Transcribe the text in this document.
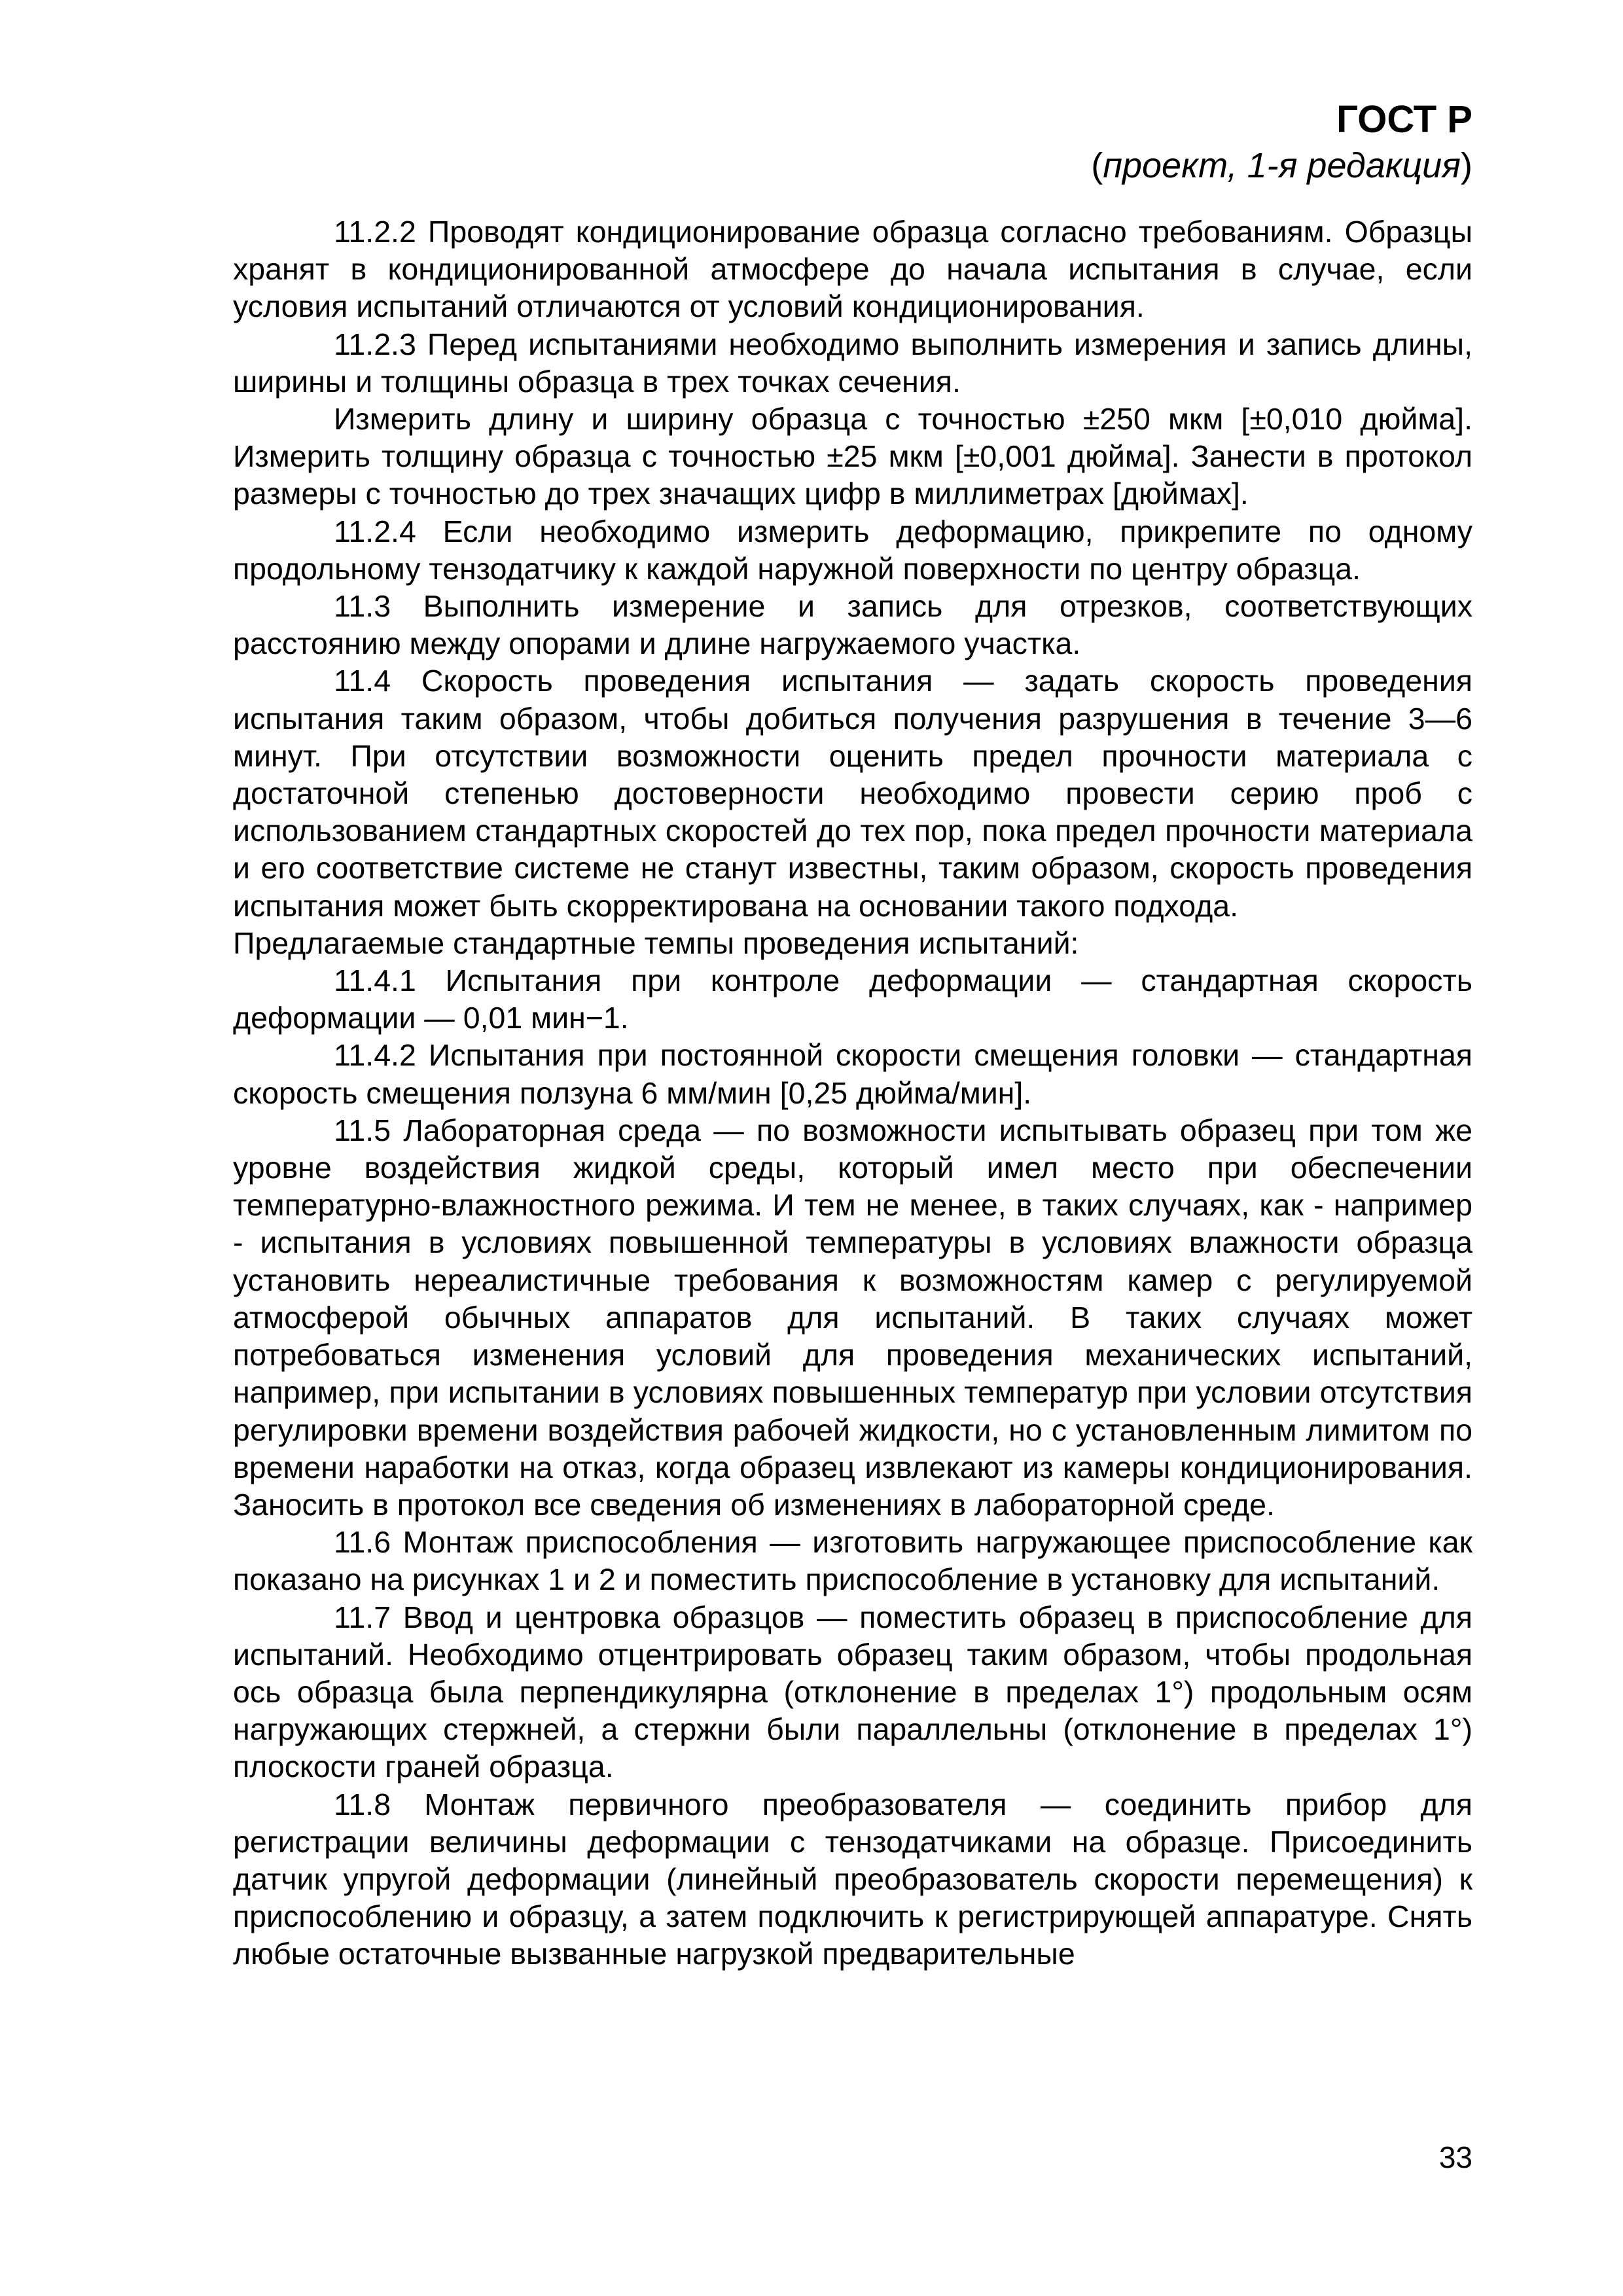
ГОСТ Р
(проект, 1-я редакция)

11.2.2 Проводят кондиционирование образца согласно требованиям. Образцы хранят в кондиционированной атмосфере до начала испытания в случае, если условия испытаний отличаются от условий кондиционирования.

11.2.3 Перед испытаниями необходимо выполнить измерения и запись длины, ширины и толщины образца в трех точках сечения.

Измерить длину и ширину образца с точностью ±250 мкм [±0,010 дюйма]. Измерить толщину образца с точностью ±25 мкм [±0,001 дюйма]. Занести в протокол размеры с точностью до трех значащих цифр в миллиметрах [дюймах].

11.2.4 Если необходимо измерить деформацию, прикрепите по одному продольному тензодатчику к каждой наружной поверхности по центру образца.

11.3 Выполнить измерение и запись для отрезков, соответствующих расстоянию между опорами и длине нагружаемого участка.

11.4 Скорость проведения испытания — задать скорость проведения испытания таким образом, чтобы добиться получения разрушения в течение 3—6 минут. При отсутствии возможности оценить предел прочности материала с достаточной степенью достоверности необходимо провести серию проб с использованием стандартных скоростей до тех пор, пока предел прочности материала и его соответствие системе не станут известны, таким образом, скорость проведения испытания может быть скорректирована на основании такого подхода.

Предлагаемые стандартные темпы проведения испытаний:

11.4.1 Испытания при контроле деформации — стандартная скорость деформации — 0,01 мин−1.

11.4.2 Испытания при постоянной скорости смещения головки — стандартная скорость смещения ползуна 6 мм/мин [0,25 дюйма/мин].

11.5 Лабораторная среда — по возможности испытывать образец при том же уровне воздействия жидкой среды, который имел место при обеспечении температурно-влажностного режима. И тем не менее, в таких случаях, как - например - испытания в условиях повышенной температуры в условиях влажности образца установить нереалистичные требования к возможностям камер с регулируемой атмосферой обычных аппаратов для испытаний. В таких случаях может потребоваться изменения условий для проведения механических испытаний, например, при испытании в условиях повышенных температур при условии отсутствия регулировки времени воздействия рабочей жидкости, но с установленным лимитом по времени наработки на отказ, когда образец извлекают из камеры кондиционирования. Заносить в протокол все сведения об изменениях в лабораторной среде.

11.6 Монтаж приспособления — изготовить нагружающее приспособление как показано на рисунках 1 и 2 и поместить приспособление в установку для испытаний.

11.7 Ввод и центровка образцов — поместить образец в приспособление для испытаний. Необходимо отцентрировать образец таким образом, чтобы продольная ось образца была перпендикулярна (отклонение в пределах 1°) продольным осям нагружающих стержней, а стержни были параллельны (отклонение в пределах 1°) плоскости граней образца.

11.8 Монтаж первичного преобразователя — соединить прибор для регистрации величины деформации с тензодатчиками на образце. Присоединить датчик упругой деформации (линейный преобразователь скорости перемещения) к приспособлению и образцу, а затем подключить к регистрирующей аппаратуре. Снять любые остаточные вызванные нагрузкой предварительные

33
